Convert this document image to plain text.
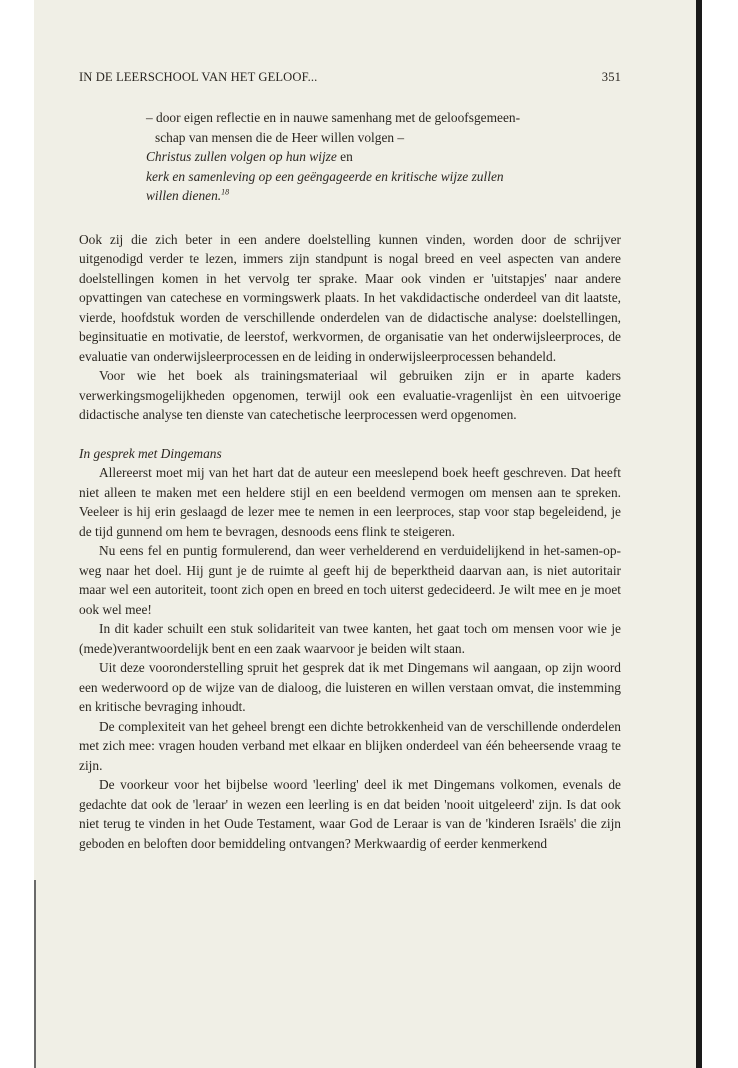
IN DE LEERSCHOOL VAN HET GELOOF...	351
– door eigen reflectie en in nauwe samenhang met de geloofsgemeen-
schap van mensen die de Heer willen volgen –
Christus zullen volgen op hun wijze en
kerk en samenleving op een geëngageerde en kritische wijze zullen
willen dienen.$^{18}$

Ook zij die zich beter in een andere doelstelling kunnen vinden, worden door de schrijver uitgenodigd verder te lezen, immers zijn standpunt is nogal breed en veel aspecten van andere doelstellingen komen in het vervolg ter sprake. Maar ook vinden er 'uitstapjes' naar andere opvattingen van catechese en vormingswerk plaats. In het vakdidactische onderdeel van dit laatste, vierde, hoofdstuk worden de verschillende onderdelen van de didactische analyse: doelstellingen, beginsituatie en motivatie, de leerstof, werkvormen, de organisatie van het onderwijsleerproces, de evaluatie van onderwijsleerprocessen en de leiding in onderwijsleerprocessen behandeld.

Voor wie het boek als trainingsmateriaal wil gebruiken zijn er in aparte kaders verwerkingsmogelijkheden opgenomen, terwijl ook een evaluatie-vragenlijst èn een uitvoerige didactische analyse ten dienste van catechetische leerprocessen werd opgenomen.

In gesprek met Dingemans

Allereerst moet mij van het hart dat de auteur een meeslepend boek heeft geschreven. Dat heeft niet alleen te maken met een heldere stijl en een beeldend vermogen om mensen aan te spreken. Veeleer is hij erin geslaagd de lezer mee te nemen in een leerproces, stap voor stap begeleidend, je de tijd gunnend om hem te bevragen, desnoods eens flink te steigeren.

Nu eens fel en puntig formulerend, dan weer verhelderend en verduidelijkend in het-samen-op-weg naar het doel. Hij gunt je de ruimte al geeft hij de beperktheid daarvan aan, is niet autoritair maar wel een autoriteit, toont zich open en breed en toch uiterst gedecideerd. Je wilt mee en je moet ook wel mee!

In dit kader schuilt een stuk solidariteit van twee kanten, het gaat toch om mensen voor wie je (mede)verantwoordelijk bent en een zaak waarvoor je beiden wilt staan.

Uit deze vooronderstelling spruit het gesprek dat ik met Dingemans wil aangaan, op zijn woord een wederwoord op de wijze van de dialoog, die luisteren en willen verstaan omvat, die instemming en kritische bevraging inhoudt.

De complexiteit van het geheel brengt een dichte betrokkenheid van de verschillende onderdelen met zich mee: vragen houden verband met elkaar en blijken onderdeel van één beheersende vraag te zijn.

De voorkeur voor het bijbelse woord 'leerling' deel ik met Dingemans volkomen, evenals de gedachte dat ook de 'leraar' in wezen een leerling is en dat beiden 'nooit uitgeleerd' zijn. Is dat ook niet terug te vinden in het Oude Testament, waar God de Leraar is van de 'kinderen Israëls' die zijn geboden en beloften door bemiddeling ontvangen? Merkwaardig of eerder kenmerkend
